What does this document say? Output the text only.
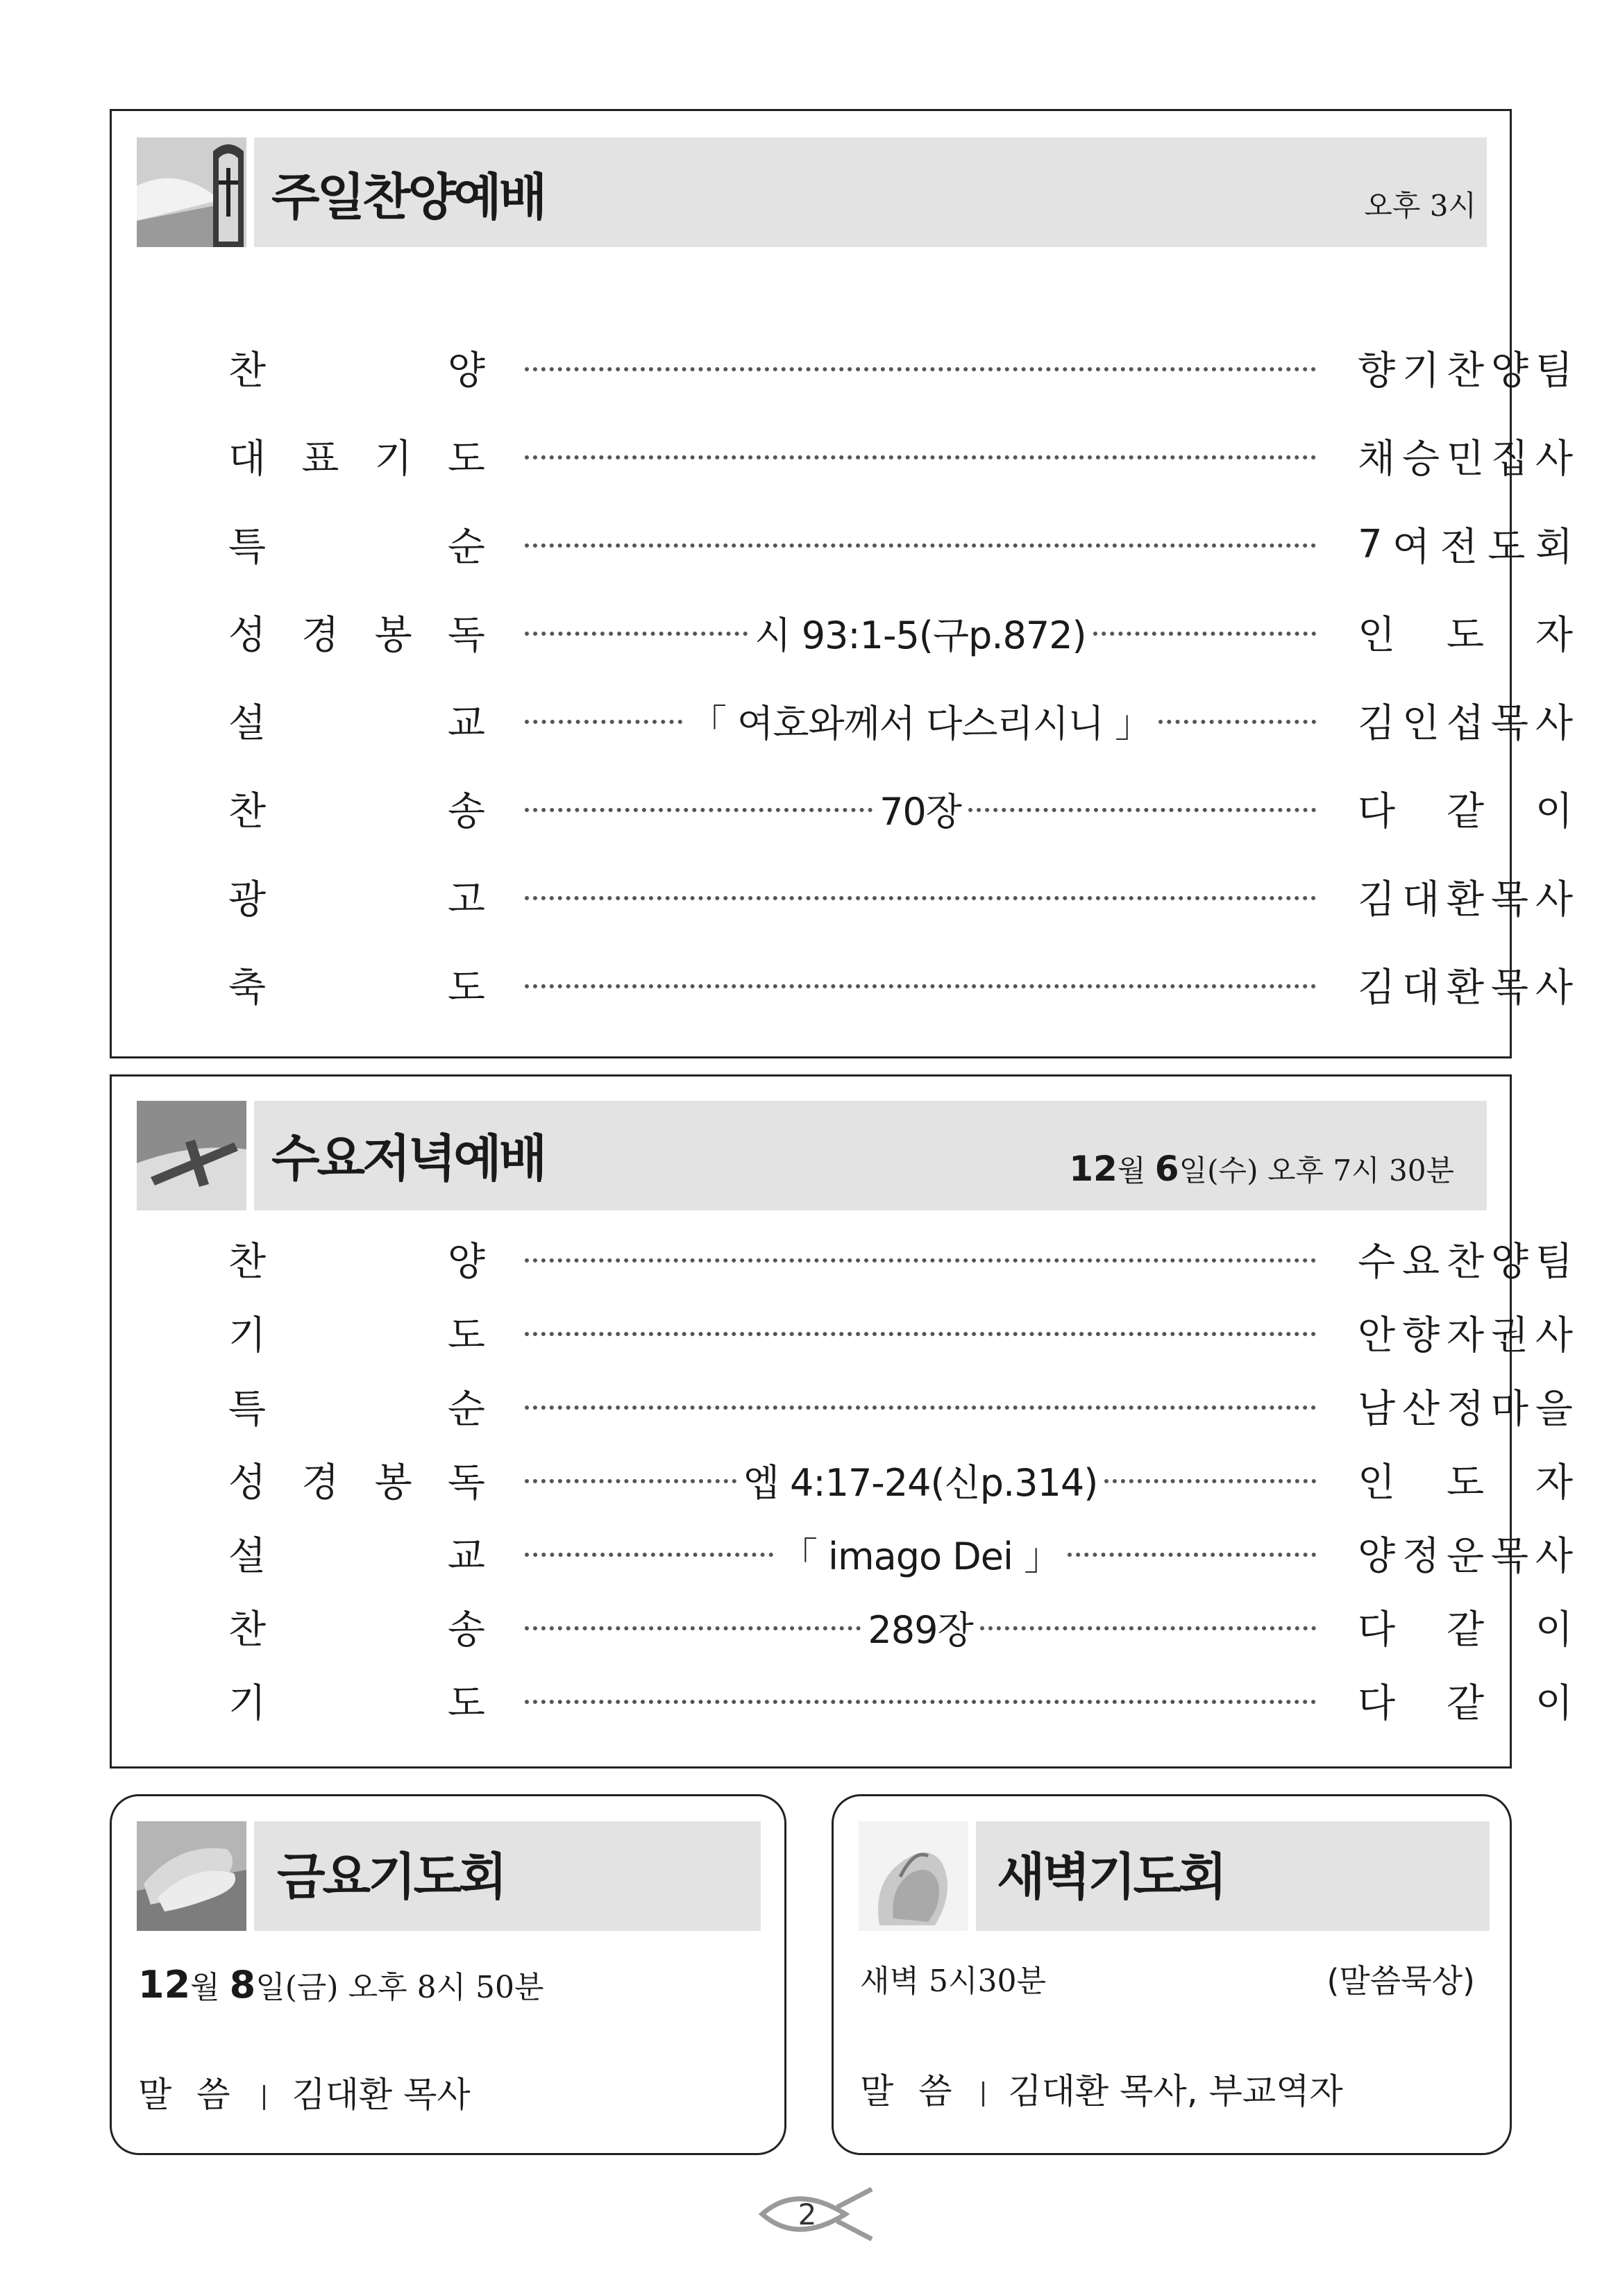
주일찬양예배	오후 3시
찬	양	향 기 찬 양 팀
대 표 기 도	채 승 민 집 사
특	순	7 여 전 도 회
성 경 봉 독	시 93:1-5(구p.872)	인 도 자
설	교	「 여호와께서 다스리시니 」	김 인 섭 목 사
찬	송	70장	다 같 이
광	고	김 대 환 목 사
축	도	김 대 환 목 사
수요저녁예배	12월 6일(수) 오후 7시 30분
찬	양	수 요 찬 양 팀
기	도	안 향 자 권 사
특	순	남 산 정 마 을
성 경 봉 독	엡 4:17-24(신p.314)	인 도 자
설	교	「 imago Dei 」	양 정 운 목 사
찬	송	289장	다 같 이
기	도	다 같 이
금요기도회
12월 8일(금) 오후 8시 50분
말 씀 김대환 목사
새벽기도회
새벽 5시30분	(말씀묵상)
말 씀 김대환 목사, 부교역자
2
